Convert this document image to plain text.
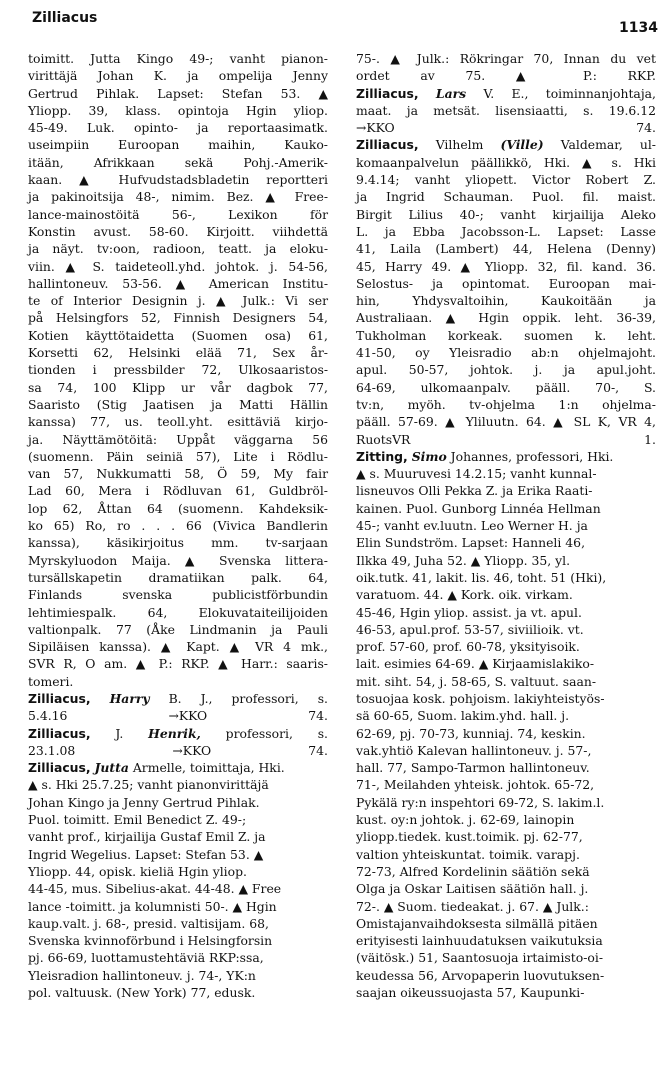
Zilliacus
1134

toimitt. Jutta Kingo 49-; vanht pianon-
virittäjä Johan K. ja ompelija Jenny
Gertrud Pihlak. Lapset: Stefan 53. ▲
Yliopp. 39, klass. opintoja Hgin yliop.
45-49. Luk. opinto- ja reportaasimatk.
useimpiin Euroopan maihin, Kauko-
itään, Afrikkaan sekä Pohj.-Amerik-
kaan. ▲ Hufvudstadsbladetin reportteri
ja pakinoitsija 48-, nimim. Bez. ▲ Free-
lance-mainostöitä 56-, Lexikon för
Konstin avust. 58-60. Kirjoitt. viihdettä
ja näyt. tv:oon, radioon, teatt. ja eloku-
viin. ▲ S. taideteoll.yhd. johtok. j. 54-56,
hallintoneuv. 53-56. ▲ American Institu-
te of Interior Designin j. ▲ Julk.: Vi ser
på Helsingfors 52, Finnish Designers 54,
Kotien käyttötaidetta (Suomen osa) 61,
Korsetti 62, Helsinki elää 71, Sex år-
tionden i pressbilder 72, Ulkosaaristos-
sa 74, 100 Klipp ur vår dagbok 77,
Saaristo (Stig Jaatisen ja Matti Hällin
kanssa) 77, us. teoll.yht. esittäviä kirjo-
ja. Näyttämötöitä: Uppåt väggarna 56
(suomenn. Päin seiniä 57), Lite i Rödlu-
van 57, Nukkumatti 58, Ö 59, My fair
Lad 60, Mera i Rödluvan 61, Guldbröl-
lop 62, Åttan 64 (suomenn. Kahdeksik-
ko 65) Ro, ro . . . 66 (Vivica Bandlerin
kanssa), käsikirjoitus mm. tv-sarjaan
Myrskyluodon Maija. ▲ Svenska littera-
tursällskapetin dramatiikan palk. 64,
Finlands svenska publicistförbundin
lehtimiespalk. 64, Elokuvataiteilijoiden
valtionpalk. 77 (Åke Lindmanin ja Pauli
Sipiläisen kanssa). ▲ Kapt. ▲ VR 4 mk.,
SVR R, O am. ▲ P.: RKP. ▲ Harr.: saaris-
tomeri.

Zilliacus, Harry B. J., professori, s.
5.4.16 →KKO 74.

Zilliacus, J. Henrik, professori, s.
23.1.08 →KKO 74.

Zilliacus, Jutta Armelle, toimittaja, Hki.
▲ s. Hki 25.7.25; vanht pianonvirittäjä
Johan Kingo ja Jenny Gertrud Pihlak.
Puol. toimitt. Emil Benedict Z. 49-;
vanht prof., kirjailija Gustaf Emil Z. ja
Ingrid Wegelius. Lapset: Stefan 53. ▲
Yliopp. 44, opisk. kieliä Hgin yliop.
44-45, mus. Sibelius-akat. 44-48. ▲ Free
lance -toimitt. ja kolumnisti 50-. ▲ Hgin
kaup.valt. j. 68-, presid. valtisijam. 68,
Svenska kvinnoförbund i Helsingforsin
pj. 66-69, luottamustehtäviä RKP:ssa,
Yleisradion hallintoneuv. j. 74-, YK:n
pol. valtuusk. (New York) 77, edusk.

75-. ▲ Julk.: Rökringar 70, Innan du vet
ordet av 75. ▲ P.: RKP.

Zilliacus, Lars V. E., toiminnanjohtaja,
maat. ja metsät. lisensiaatti, s. 19.6.12
→KKO 74.

Zilliacus, Vilhelm (Ville) Valdemar, ul-
komaanpalvelun päällikkö, Hki. ▲ s. Hki
9.4.14; vanht yliopett. Victor Robert Z.
ja Ingrid Schauman. Puol. fil. maist.
Birgit Lilius 40-; vanht kirjailija Aleko
L. ja Ebba Jacobsson-L. Lapset: Lasse
41, Laila (Lambert) 44, Helena (Denny)
45, Harry 49. ▲ Yliopp. 32, fil. kand. 36.
Selostus- ja opintomat. Euroopan mai-
hin, Yhdysvaltoihin, Kaukoitään ja
Australiaan. ▲ Hgin oppik. leht. 36-39,
Tukholman korkeak. suomen k. leht.
41-50, oy Yleisradio ab:n ohjelmajoht.
apul. 50-57, johtok. j. ja apul.joht.
64-69, ulkomaanpalv. pääll. 70-, S.
tv:n, myöh. tv-ohjelma 1:n ohjelma-
pääll. 57-69. ▲ Yliluutn. 64. ▲ SL K, VR 4,
RuotsVR 1.

Zitting, Simo Johannes, professori, Hki.
▲ s. Muuruvesi 14.2.15; vanht kunnal-
lisneuvos Olli Pekka Z. ja Erika Raati-
kainen. Puol. Gunborg Linnéa Hellman
45-; vanht ev.luutn. Leo Werner H. ja
Elin Sundström. Lapset: Hanneli 46,
Ilkka 49, Juha 52. ▲ Yliopp. 35, yl.
oik.tutk. 41, lakit. lis. 46, toht. 51 (Hki),
varatuom. 44. ▲ Kork. oik. virkam.
45-46, Hgin yliop. assist. ja vt. apul.
46-53, apul.prof. 53-57, siviilioik. vt.
prof. 57-60, prof. 60-78, yksityisoik.
lait. esimies 64-69. ▲ Kirjaamislakiko-
mit. siht. 54, j. 58-65, S. valtuut. saan-
tosuojaa kosk. pohjoism. lakiyhteistyös-
sä 60-65, Suom. lakim.yhd. hall. j.
62-69, pj. 70-73, kunniaj. 74, keskin.
vak.yhtiö Kalevan hallintoneuv. j. 57-,
hall. 77, Sampo-Tarmon hallintoneuv.
71-, Meilahden yhteisk. johtok. 65-72,
Pykälä ry:n inspehtori 69-72, S. lakim.l.
kust. oy:n johtok. j. 62-69, lainopin
yliopp.tiedek. kust.toimik. pj. 62-77,
valtion yhteiskuntat. toimik. varapj.
72-73, Alfred Kordelinin säätiön sekä
Olga ja Oskar Laitisen säätiön hall. j.
72-. ▲ Suom. tiedeakat. j. 67. ▲ Julk.:
Omistajanvaihdoksesta silmällä pitäen
erityisesti lainhuudatuksen vaikutuksia
(väitösk.) 51, Saantosuoja irtaimisto-oi-
keudessa 56, Arvopaperin luovutuksen-
saajan oikeussuojasta 57, Kaupunki-
